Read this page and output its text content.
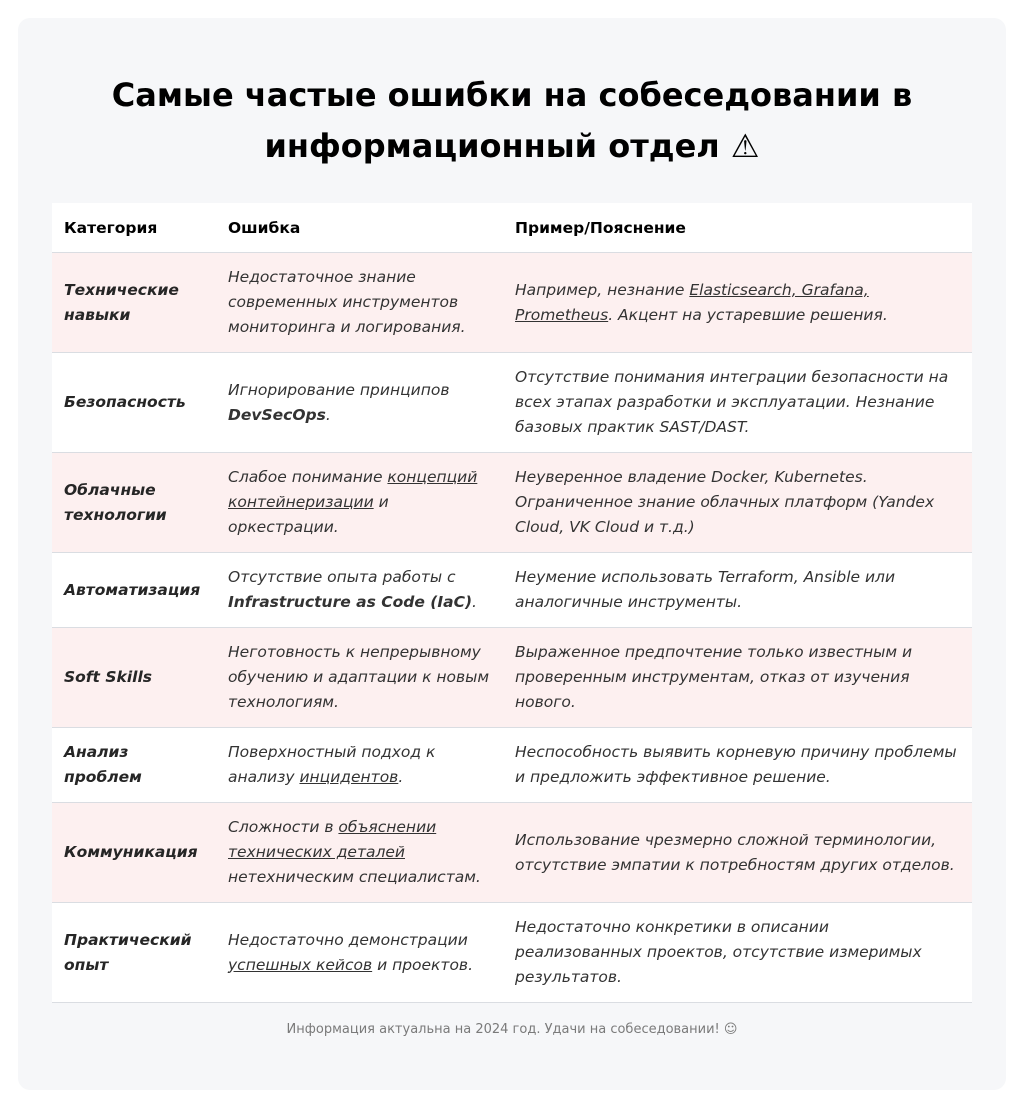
Самые частые ошибки на собеседовании в
информационный отдел ⚠
Категория	Ошибка	Пример/Пояснение
Технические навыки	Недостаточное знание современных инструментов мониторинга и логирования.	Например, незнание Elasticsearch, Grafana, Prometheus. Акцент на устаревшие решения.
Безопасность	Игнорирование принципов DevSecOps.	Отсутствие понимания интеграции безопасности на всех этапах разработки и эксплуатации. Незнание базовых практик SAST/DAST.
Облачные технологии	Слабое понимание концепций контейнеризации и оркестрации.	Неуверенное владение Docker, Kubernetes. Ограниченное знание облачных платформ (Yandex Cloud, VK Cloud и т.д.)
Автоматизация	Отсутствие опыта работы с Infrastructure as Code (IaC).	Неумение использовать Terraform, Ansible или аналогичные инструменты.
Soft Skills	Неготовность к непрерывному обучению и адаптации к новым технологиям.	Выраженное предпочтение только известным и проверенным инструментам, отказ от изучения нового.
Анализ проблем	Поверхностный подход к анализу инцидентов.	Неспособность выявить корневую причину проблемы и предложить эффективное решение.
Коммуникация	Сложности в объяснении технических деталей нетехническим специалистам.	Использование чрезмерно сложной терминологии, отсутствие эмпатии к потребностям других отделов.
Практический опыт	Недостаточно демонстрации успешных кейсов и проектов.	Недостаточно конкретики в описании реализованных проектов, отсутствие измеримых результатов.
Информация актуальна на 2024 год. Удачи на собеседовании! ☺
